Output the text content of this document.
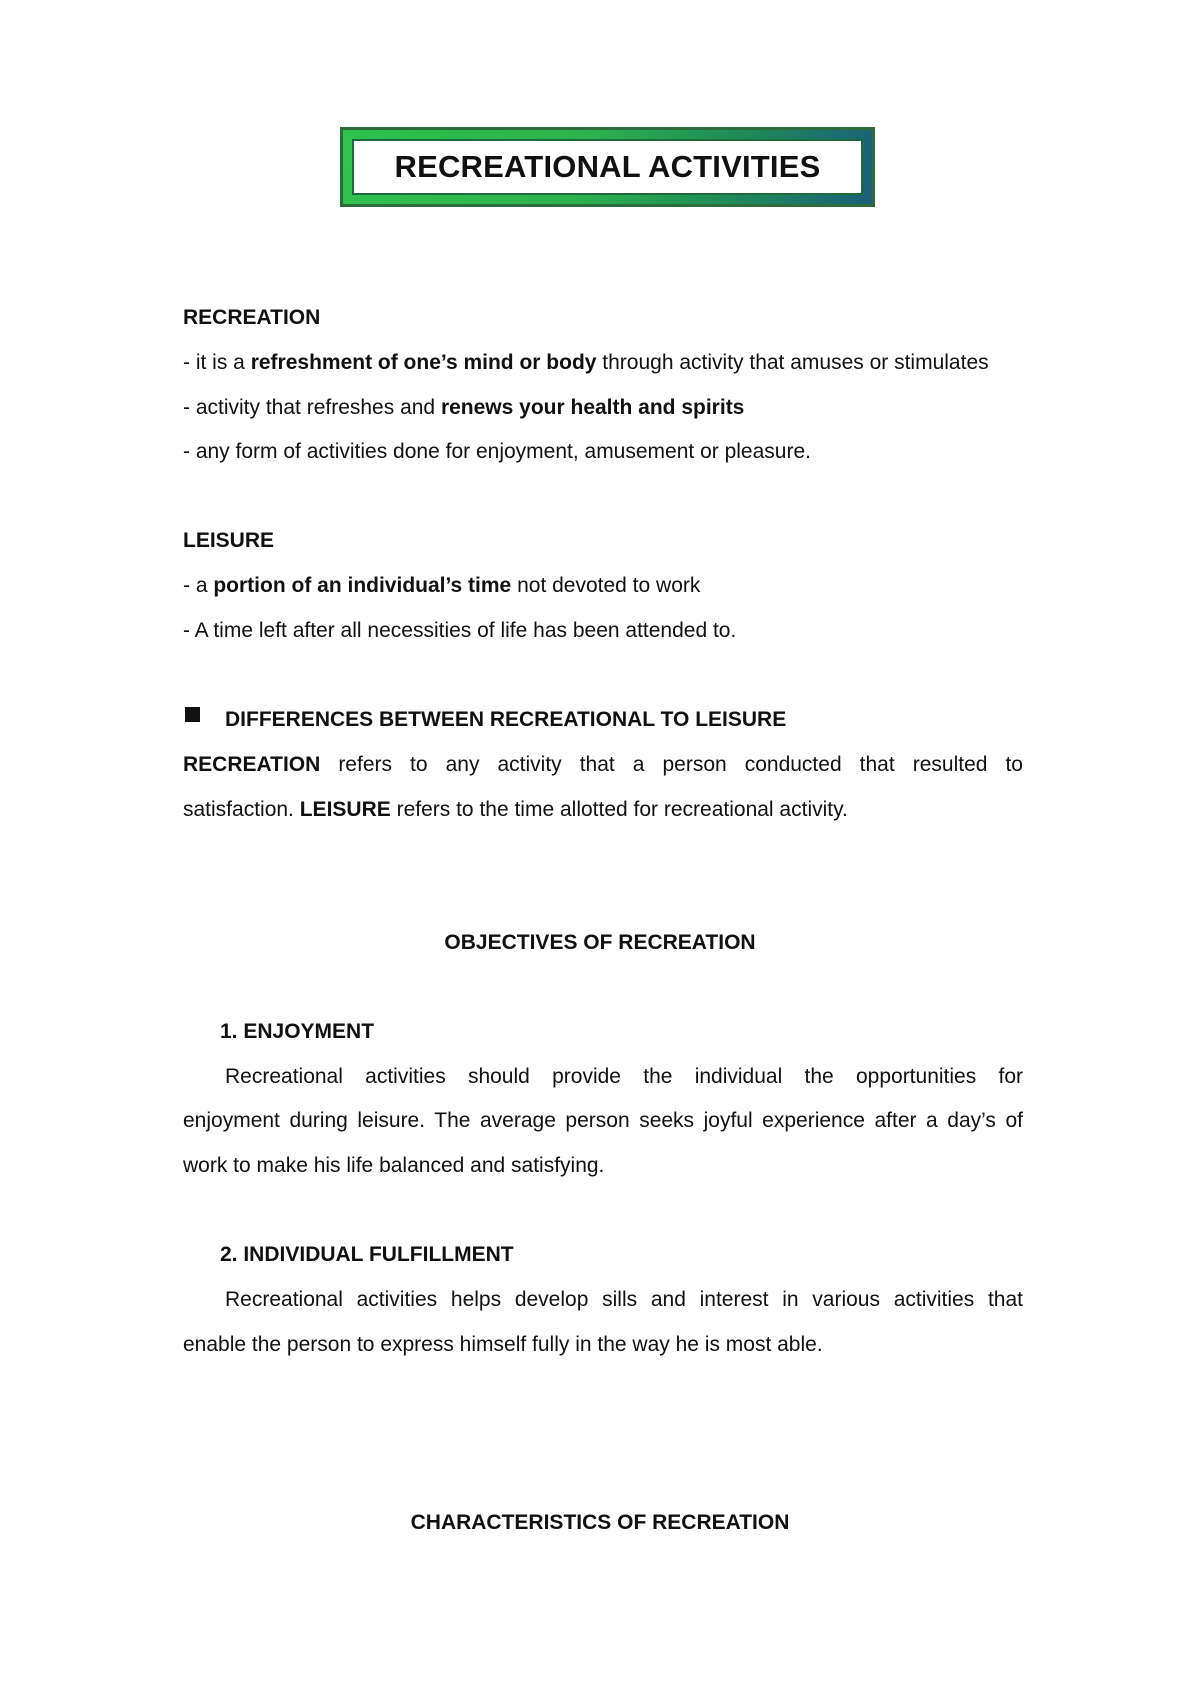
RECREATIONAL ACTIVITIES
RECREATION
- it is a refreshment of one’s mind or body through activity that amuses or stimulates
- activity that refreshes and renews your health and spirits
- any form of activities done for enjoyment, amusement or pleasure.
LEISURE
- a portion of an individual’s time not devoted to work
- A time left after all necessities of life has been attended to.
DIFFERENCES BETWEEN RECREATIONAL TO LEISURE
RECREATION refers to any activity that a person conducted that resulted to
satisfaction. LEISURE refers to the time allotted for recreational activity.
OBJECTIVES OF RECREATION
1. ENJOYMENT
Recreational activities should provide the individual the opportunities for
enjoyment during leisure. The average person seeks joyful experience after a day’s of
work to make his life balanced and satisfying.
2. INDIVIDUAL FULFILLMENT
Recreational activities helps develop sills and interest in various activities that
enable the person to express himself fully in the way he is most able.
CHARACTERISTICS OF RECREATION
